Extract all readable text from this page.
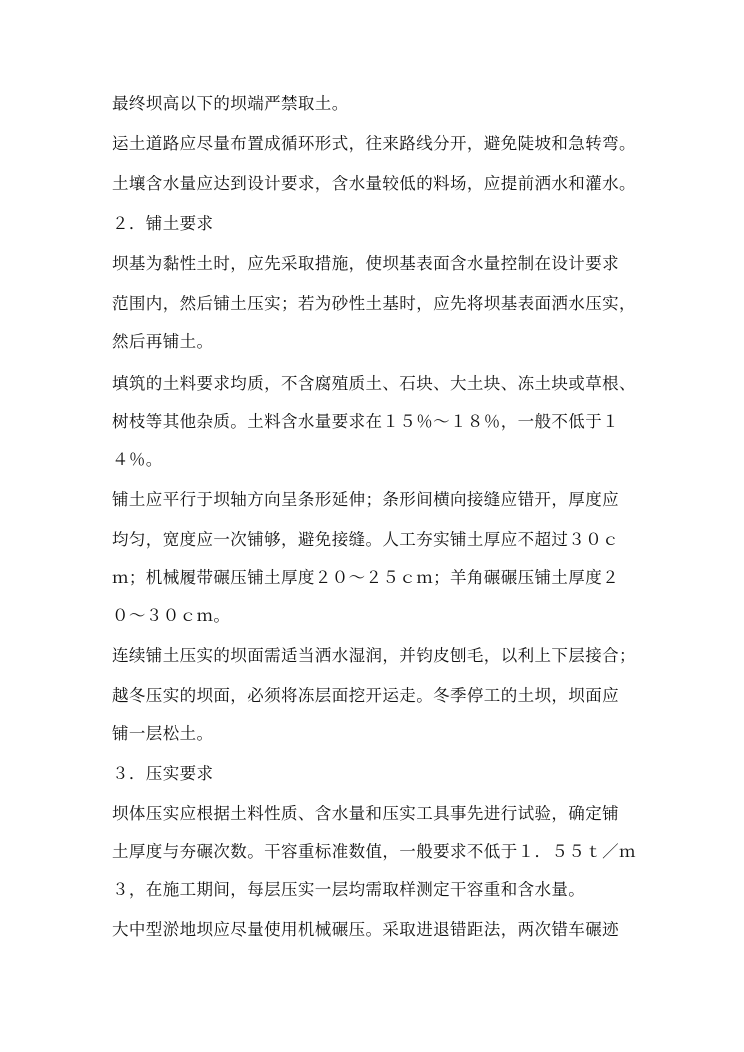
最终坝高以下的坝端严禁取土。
运土道路应尽量布置成循环形式，往来路线分开，避免陡坡和急转弯。
土壤含水量应达到设计要求，含水量较低的料场，应提前洒水和灌水。
２．铺土要求
坝基为黏性土时，应先采取措施，使坝基表面含水量控制在设计要求
范围内，然后铺土压实；若为砂性土基时，应先将坝基表面洒水压实，
然后再铺土。
填筑的土料要求均质，不含腐殖质土、石块、大土块、冻土块或草根、
树枝等其他杂质。土料含水量要求在１５％～１８％，一般不低于１
４％。
铺土应平行于坝轴方向呈条形延伸；条形间横向接缝应错开，厚度应
均匀，宽度应一次铺够，避免接缝。人工夯实铺土厚应不超过３０ｃ
ｍ；机械履带碾压铺土厚度２０～２５ｃｍ；羊角碾碾压铺土厚度２
０～３０ｃｍ。
连续铺土压实的坝面需适当洒水湿润，并钧皮刨毛，以利上下层接合；
越冬压实的坝面，必须将冻层面挖开运走。冬季停工的土坝，坝面应
铺一层松土。
３．压实要求
坝体压实应根据土料性质、含水量和压实工具事先进行试验，确定铺
土厚度与夯碾次数。干容重标准数值，一般要求不低于１．５５ｔ／ｍ
３，在施工期间，每层压实一层均需取样测定干容重和含水量。
大中型淤地坝应尽量使用机械碾压。采取进退错距法，两次错车碾迹
